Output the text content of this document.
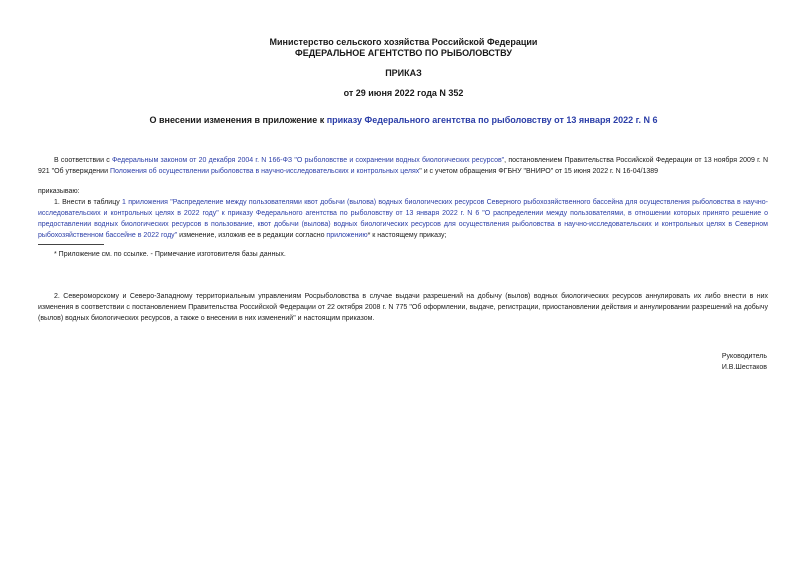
Министерство сельского хозяйства Российской Федерации
ФЕДЕРАЛЬНОЕ АГЕНТСТВО ПО РЫБОЛОВСТВУ
ПРИКАЗ
от 29 июня 2022 года N 352
О внесении изменения в приложение к приказу Федерального агентства по рыболовству от 13 января 2022 г. N 6
В соответствии с Федеральным законом от 20 декабря 2004 г. N 166-ФЗ "О рыболовстве и сохранении водных биологических ресурсов", постановлением Правительства Российской Федерации от 13 ноября 2009 г. N 921 "Об утверждении Положения об осуществлении рыболовства в научно-исследовательских и контрольных целях" и с учетом обращения ФГБНУ "ВНИРО" от 15 июня 2022 г. N 16-04/1389
приказываю:
1. Внести в таблицу 1 приложения "Распределение между пользователями квот добычи (вылова) водных биологических ресурсов Северного рыбохозяйственного бассейна для осуществления рыболовства в научно-исследовательских и контрольных целях в 2022 году" к приказу Федерального агентства по рыболовству от 13 января 2022 г. N 6 "О распределении между пользователями, в отношении которых принято решение о предоставлении водных биологических ресурсов в пользование, квот добычи (вылова) водных биологических ресурсов для осуществления рыболовства в научно-исследовательских и контрольных целях в Северном рыбохозяйственном бассейне в 2022 году" изменение, изложив ее в редакции согласно приложению* к настоящему приказу;
* Приложение см. по ссылке. - Примечание изготовителя базы данных.
2. Североморскому и Северо-Западному территориальным управлениям Росрыболовства в случае выдачи разрешений на добычу (вылов) водных биологических ресурсов аннулировать их либо внести в них изменения в соответствии с постановлением Правительства Российской Федерации от 22 октября 2008 г. N 775 "Об оформлении, выдаче, регистрации, приостановлении действия и аннулировании разрешений на добычу (вылов) водных биологических ресурсов, а также о внесении в них изменений" и настоящим приказом.
Руководитель
И.В.Шестаков
